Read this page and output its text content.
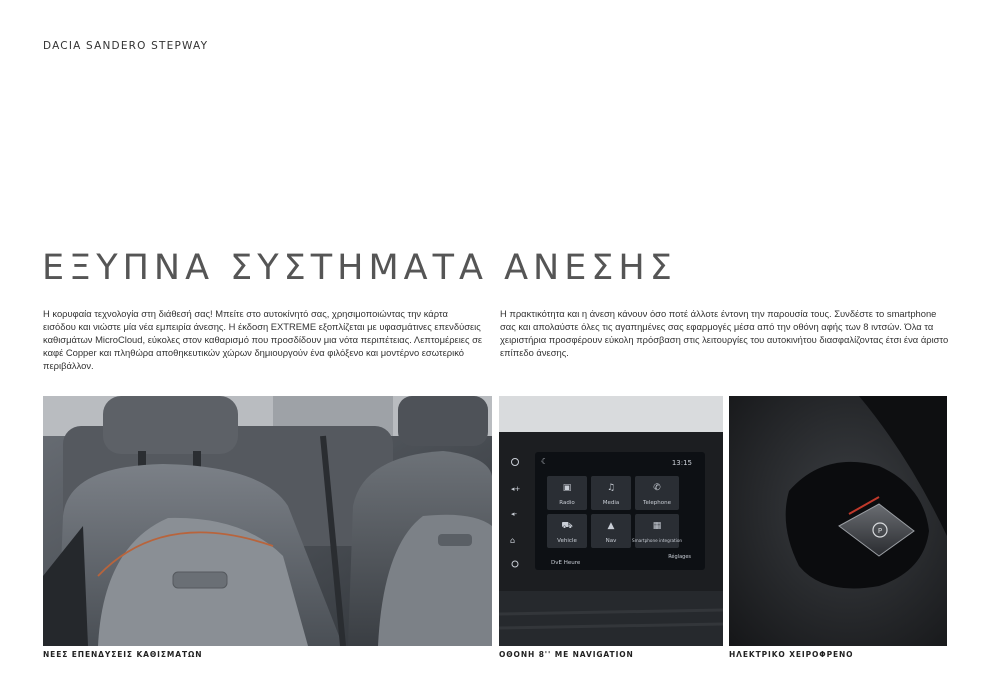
DACIA SANDERO STEPWAY
ΕΞΥΠΝΑ ΣΥΣΤΗΜΑΤΑ ΑΝΕΣΗΣ

Η κορυφαία τεχνολογία στη διάθεσή σας! Μπείτε στο αυτοκίνητό σας, χρησιμοποιώντας την κάρτα εισόδου και νιώστε μία νέα εμπειρία άνεσης. Η έκδοση EXTREME εξοπλίζεται με υφασμάτινες επενδύσεις καθισμάτων MicroCloud, εύκολες στον καθαρισμό που προσδίδουν μια νότα περιπέτειας. Λεπτομέρειες σε καφέ Copper και πληθώρα αποθηκευτικών χώρων δημιουργούν ένα φιλόξενο και μοντέρνο εσωτερικό περιβάλλον.

Η πρακτικότητα και η άνεση κάνουν όσο ποτέ άλλοτε έντονη την παρουσία τους. Συνδέστε το smartphone σας και απολαύστε όλες τις αγαπημένες σας εφαρμογές μέσα από την οθόνη αφής των 8 ιντσών. Όλα τα χειριστήρια προσφέρουν εύκολη πρόσβαση στις λειτουργίες του αυτοκινήτου διασφαλίζοντας έτσι ένα άριστο επίπεδο άνεσης.

◂+
◂-
⌂
☾	13:15
▣	♫	✆
Radio	Media	Telephone
⛟	▲	▦
Vehicle	Nav	Smartphone integration
Réglages
DvE Heure
P
ΝΕΕΣ ΕΠΕΝΔΥΣΕΙΣ ΚΑΘΙΣΜΑΤΩΝ	ΟΘΟΝΗ 8'' ΜΕ NAVIGATION	ΗΛΕΚΤΡΙΚΟ ΧΕΙΡΟΦΡΕΝΟ
